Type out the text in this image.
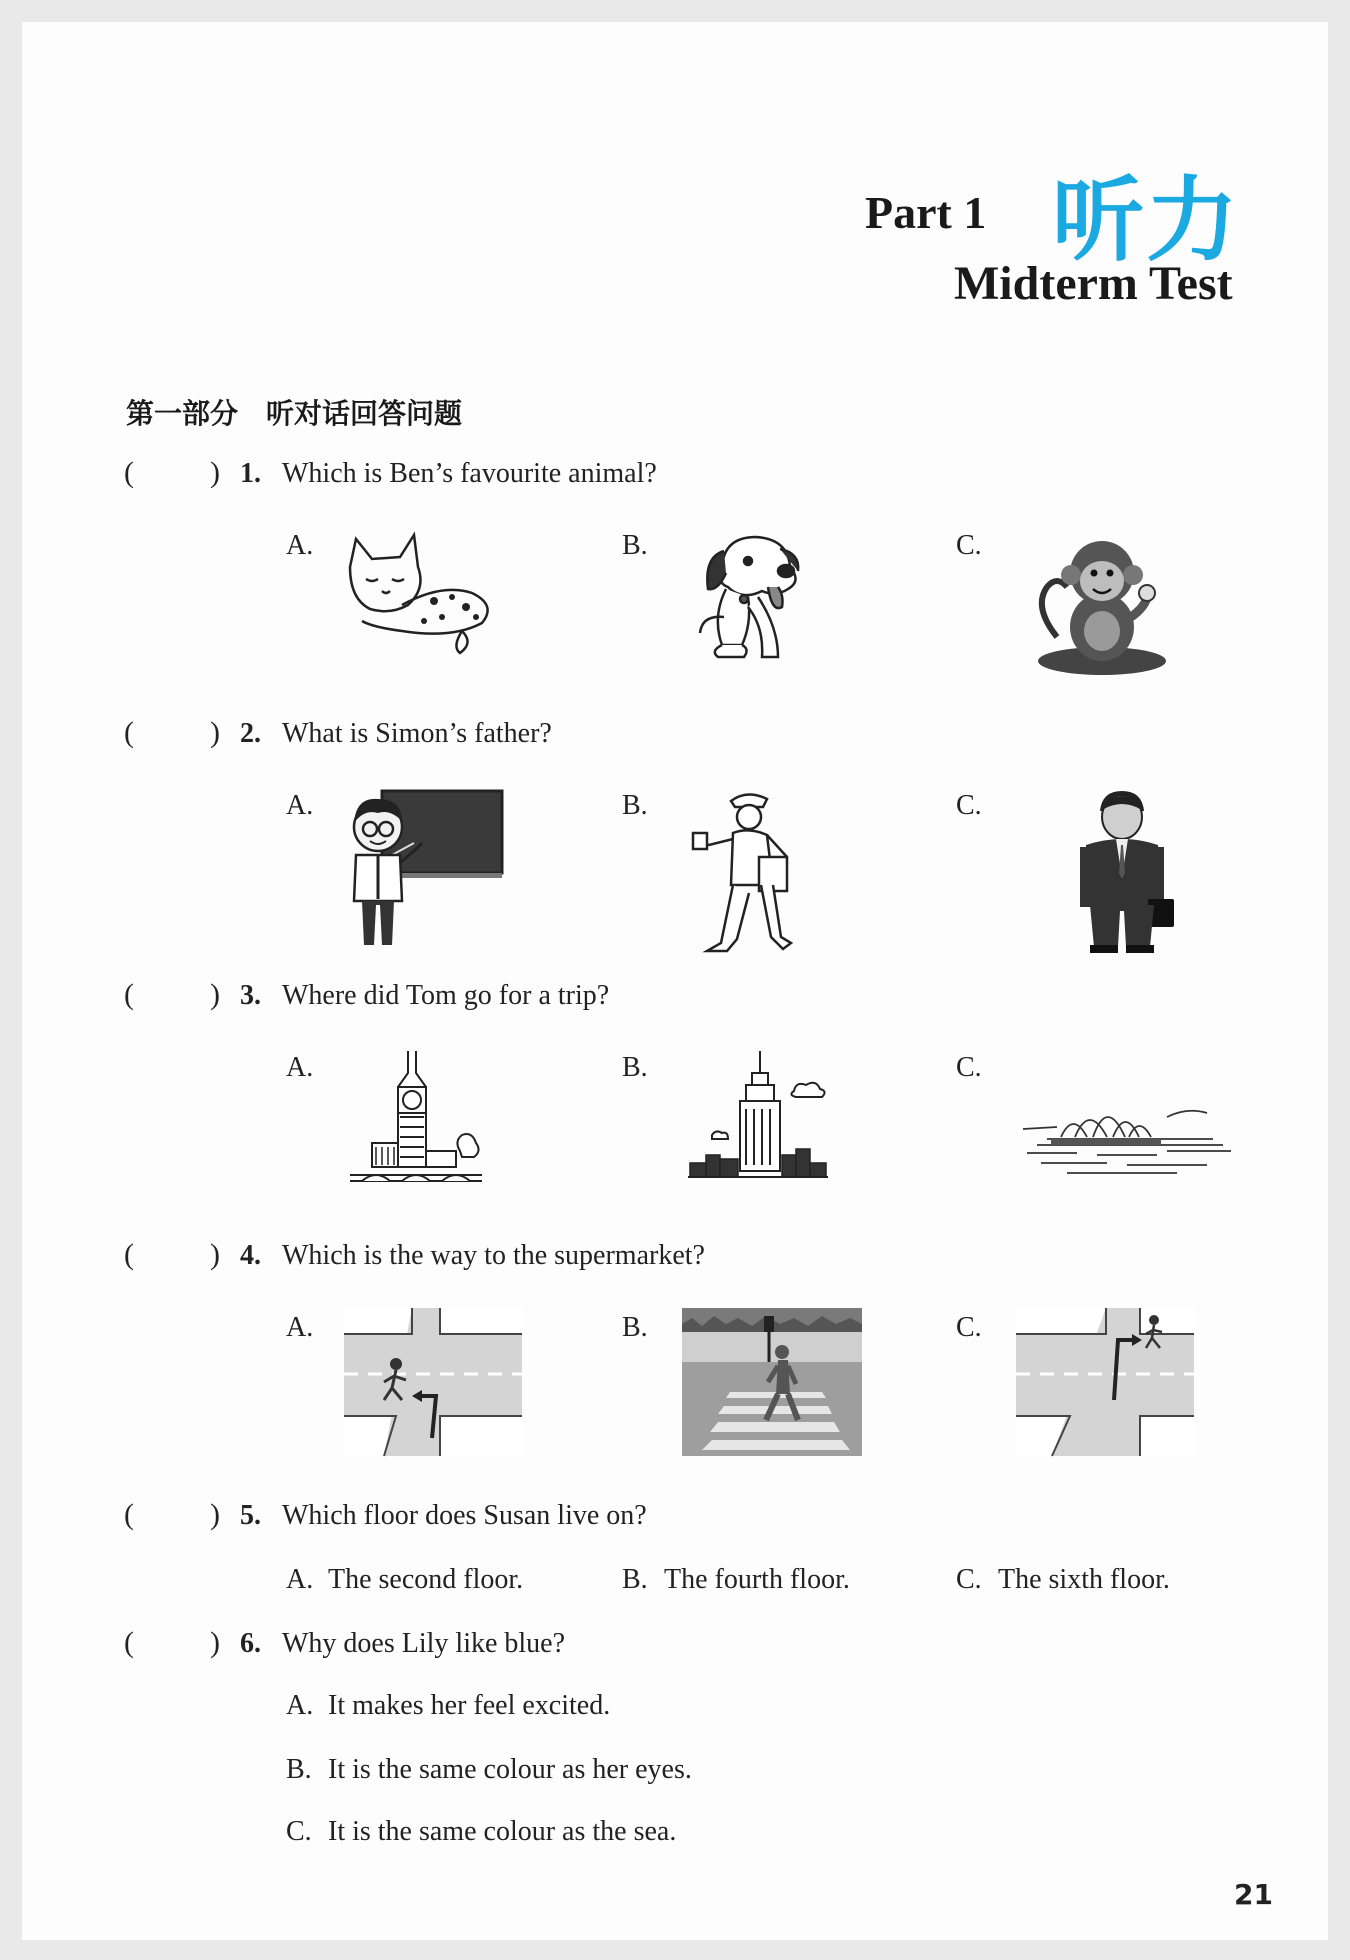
Part 1 听力
Midterm Test
第一部分　听对话回答问题
(	) 1. Which is Ben’s favourite animal?
A.	B.	C.
(	) 2. What is Simon’s father?
A.	B.	C.
(	) 3. Where did Tom go for a trip?
A.	B.	C.
(	) 4. Which is the way to the supermarket?
A.	B.	C.
(	) 5. Which floor does Susan live on?
A. The second floor.	B. The fourth floor.	C. The sixth floor.
(	) 6. Why does Lily like blue?
A. It makes her feel excited.
B. It is the same colour as her eyes.
C. It is the same colour as the sea.
21
